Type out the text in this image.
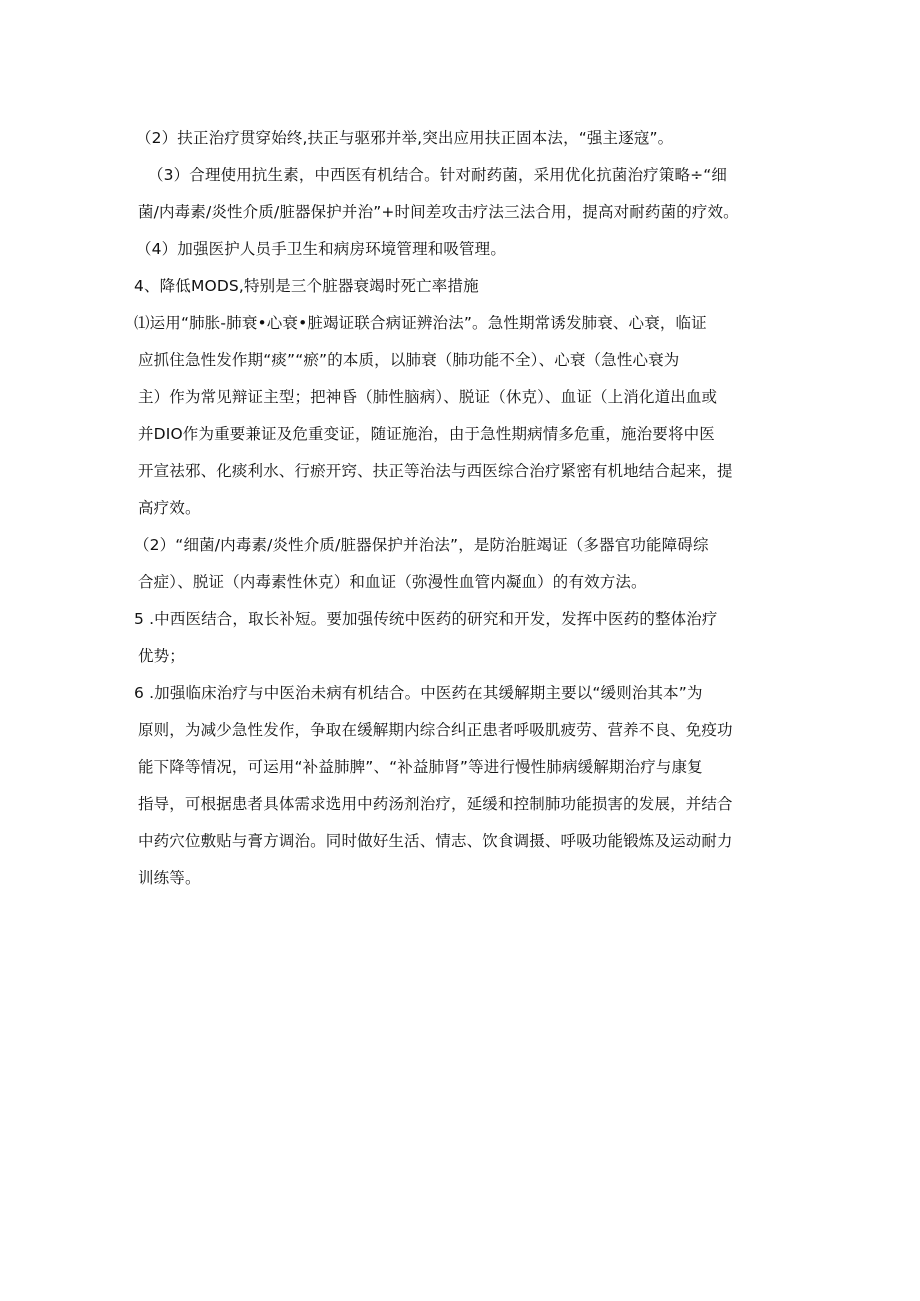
（2）扶正治疗贯穿始终,扶正与驱邪并举,突出应用扶正固本法，“强主逐寇”。
（3）合理使用抗生素，中西医有机结合。针对耐药菌，采用优化抗菌治疗策略÷“细
菌/内毒素/炎性介质/脏器保护并治”+时间差攻击疗法三法合用，提高对耐药菌的疗效。
（4）加强医护人员手卫生和病房环境管理和吸管理。
4、降低MODS,特别是三个脏器衰竭时死亡率措施
⑴运用“肺胀-肺衰•心衰•脏竭证联合病证辨治法”。急性期常诱发肺衰、心衰，临证
应抓住急性发作期“痰”“瘀”的本质，以肺衰（肺功能不全）、心衰（急性心衰为
主）作为常见辩证主型；把神昏（肺性脑病）、脱证（休克）、血证（上消化道出血或
并DIO作为重要兼证及危重变证，随证施治，由于急性期病情多危重，施治要将中医
开宣祛邪、化痰利水、行瘀开窍、扶正等治法与西医综合治疗紧密有机地结合起来，提
高疗效。
（2）“细菌/内毒素/炎性介质/脏器保护并治法”，是防治脏竭证（多器官功能障碍综
合症）、脱证（内毒素性休克）和血证（弥漫性血管内凝血）的有效方法。
5 .中西医结合，取长补短。要加强传统中医药的研究和开发，发挥中医药的整体治疗
优势；
6 .加强临床治疗与中医治未病有机结合。中医药在其缓解期主要以“缓则治其本”为
原则，为减少急性发作，争取在缓解期内综合纠正患者呼吸肌疲劳、营养不良、免疫功
能下降等情况，可运用“补益肺脾”、“补益肺肾”等进行慢性肺病缓解期治疗与康复
指导，可根据患者具体需求选用中药汤剂治疗，延缓和控制肺功能损害的发展，并结合
中药穴位敷贴与膏方调治。同时做好生活、情志、饮食调摄、呼吸功能锻炼及运动耐力
训练等。
